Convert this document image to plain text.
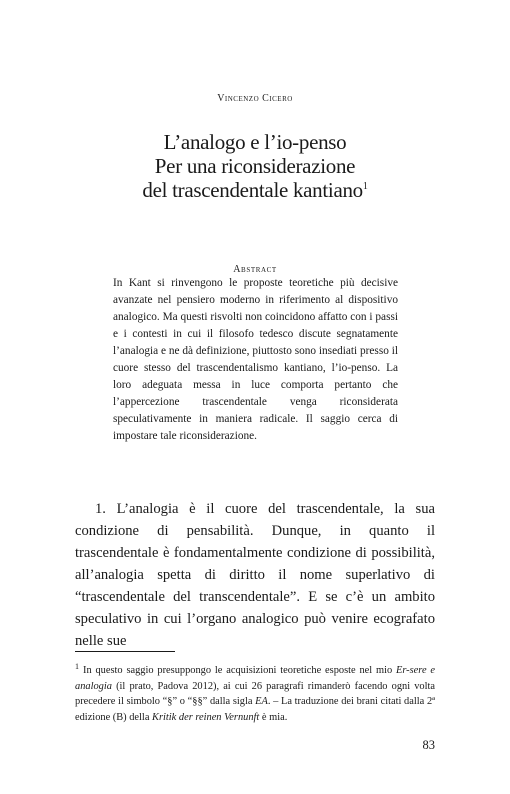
Vincenzo Cicero
L’analogo e l’io-penso
Per una riconsiderazione
del trascendentale kantiano$^1$
Abstract
In Kant si rinvengono le proposte teoretiche più decisive avanzate nel pensiero moderno in riferimento al dispositivo analogico. Ma questi risvolti non coincidono affatto con i passi e i contesti in cui il filosofo tedesco discute segnatamente l’analogia e ne dà definizione, piuttosto sono insediati presso il cuore stesso del trascendentalismo kantiano, l’io-penso. La loro adeguata messa in luce comporta pertanto che l’appercezione trascendentale venga riconsiderata speculativamente in maniera radicale. Il saggio cerca di impostare tale riconsiderazione.
1. L’analogia è il cuore del trascendentale, la sua condizione di pensabilità. Dunque, in quanto il trascendentale è fondamentalmente condizione di possibilità, all’analogia spetta di diritto il nome superlativo di “trascendentale del transcendentale”. E se c’è un ambito speculativo in cui l’organo analogico può venire ecografato nelle sue
$^1$ In questo saggio presuppongo le acquisizioni teoretiche esposte nel mio Er-sere e analogia (il prato, Padova 2012), ai cui 26 paragrafi rimanderò facendo ogni volta precedere il simbolo “§” o “§§” dalla sigla EA. – La traduzione dei brani citati dalla 2ª edizione (B) della Kritik der reinen Vernunft è mia.
83
